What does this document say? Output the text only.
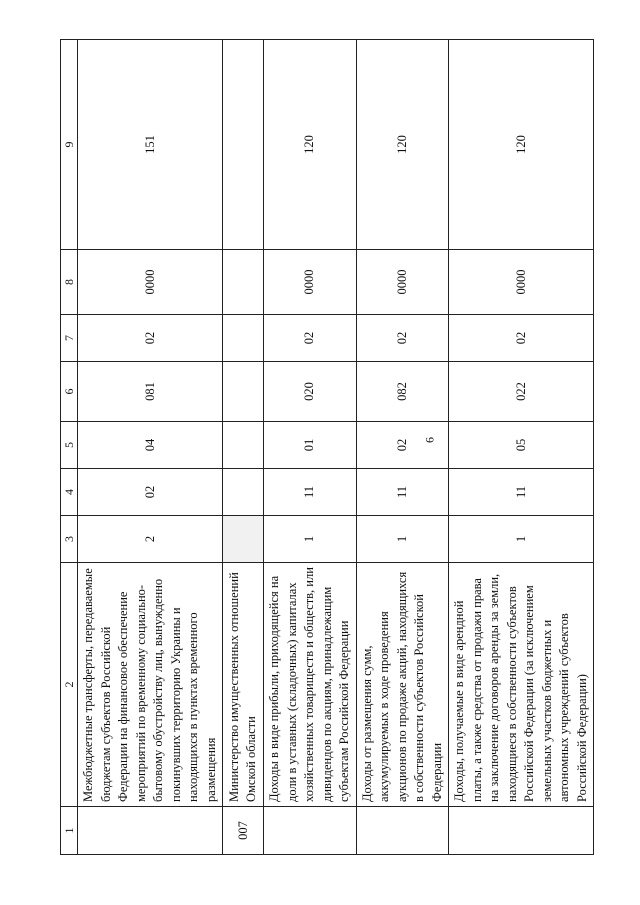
6
1	2	3	4	5	6	7	8	9
	Межбюджетные трансферты, передаваемые бюджетам субъектов Российской Федерации на финансовое обеспечение мероприятий по временному социально-бытовому обустройству лиц, вынужденно покинувших территорию Украины и находящихся в пунктах временного размещения	2	02	04	081	02	0000	151
007	Министерство имущественных отношений Омской области							
	Доходы в виде прибыли, приходящейся на доли в уставных (складочных) капиталах хозяйственных товариществ и обществ, или дивидендов по акциям, принадлежащим субъектам Российской Федерации	1	11	01	020	02	0000	120
	Доходы от размещения сумм, аккумулируемых в ходе проведения аукционов по продаже акций, находящихся в собственности субъектов Российской Федерации	1	11	02	082	02	0000	120
	Доходы, получаемые в виде арендной платы, а также средства от продажи права на заключение договоров аренды за земли, находящиеся в собственности субъектов Российской Федерации (за исключением земельных участков бюджетных и автономных учреждений субъектов Российской Федерации)	1	11	05	022	02	0000	120
